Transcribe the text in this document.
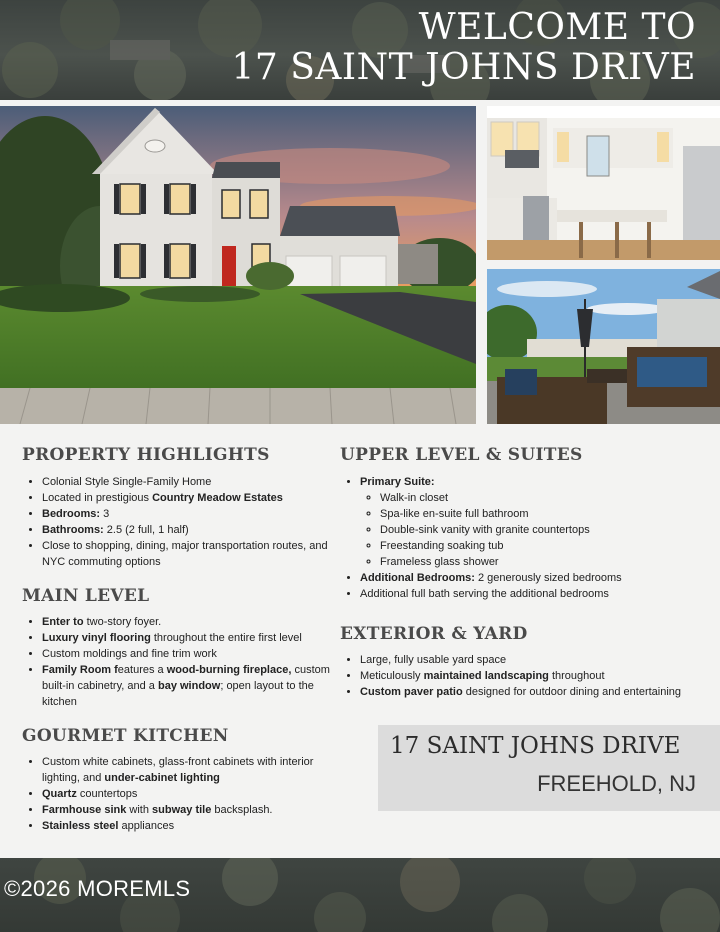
WELCOME TO
17 SAINT JOHNS DRIVE
PROPERTY HIGHLIGHTS
• Colonial Style Single-Family Home
• Located in prestigious Country Meadow Estates
• Bedrooms: 3
• Bathrooms: 2.5 (2 full, 1 half)
• Close to shopping, dining, major transportation routes, and NYC commuting options
MAIN LEVEL
• Enter to two-story foyer.
• Luxury vinyl flooring throughout the entire first level
• Custom moldings and fine trim work
• Family Room features a wood-burning fireplace, custom built-in cabinetry, and a bay window; open layout to the kitchen
GOURMET KITCHEN
• Custom white cabinets, glass-front cabinets with interior lighting, and under-cabinet lighting
• Quartz countertops
• Farmhouse sink with subway tile backsplash.
• Stainless steel appliances
UPPER LEVEL & SUITES
• Primary Suite:
◦ Walk-in closet
◦ Spa-like en-suite full bathroom
◦ Double-sink vanity with granite countertops
◦ Freestanding soaking tub
◦ Frameless glass shower
• Additional Bedrooms: 2 generously sized bedrooms
• Additional full bath serving the additional bedrooms
EXTERIOR & YARD
• Large, fully usable yard space
• Meticulously maintained landscaping throughout
• Custom paver patio designed for outdoor dining and entertaining

17 SAINT JOHNS DRIVE

FREEHOLD, NJ

©2026 MOREMLS
